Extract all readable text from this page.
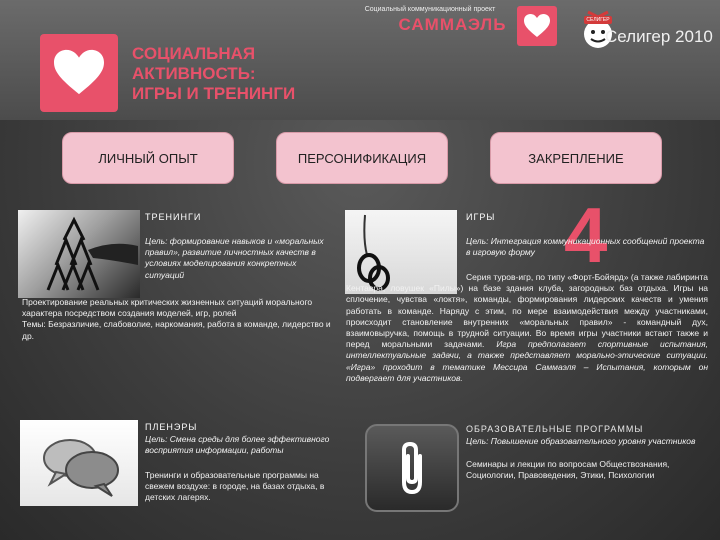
Социальный коммуникационный проект
САММАЭЛЬ	СЕЛИГЕР
Селигер 2010
СОЦИАЛЬНАЯ
АКТИВНОСТЬ:
ИГРЫ И ТРЕНИНГИ
ЛИЧНЫЙ ОПЫТ	ПЕРСОНИФИКАЦИЯ	ЗАКРЕПЛЕНИЕ
4
ТРЕНИНГИ
Цель: формирование навыков и «моральных правил», развитие личностных качеств в условиях моделирования конкретных ситуаций
Проектирование реальных критических жизненных ситуаций морального характера посредством создания моделей, игр, ролей
Темы: Безразличие, слабоволие, наркомания, работа в команде, лидерство и др.
ИГРЫ
Цель: Интеграция коммуникационных сообщений проекта в игровую форму
Серия туров-игр, по типу «Форт-Бойярд» (а также лабиринта Кентавра, ловушек «Пилы») на базе здания клуба, загородных баз отдыха. Игры на сплочение, чувства «локтя», команды, формирования лидерских качеств и умения работать в команде. Наряду с этим, по мере взаимодействия между участниками, происходит становление внутренних «моральных правил» - командный дух, взаимовыручка, помощь в трудной ситуации. Во время игры участники встают также и перед моральными задачами. Игра предполагает спортивные испытания, интеллектуальные задачи, а также представляет морально-этические ситуации. «Игра» проходит в тематике Мессира Саммаэля – Испытания, которым он подвергает для участников.
ПЛЕНЭРЫ
Цель: Смена среды для более эффективного восприятия информации, работы
Тренинги и образовательные программы на свежем воздухе: в городе, на базах отдыха, в детских лагерях.
ОБРАЗОВАТЕЛЬНЫЕ ПРОГРАММЫ
Цель: Повышение образовательного уровня участников
Семинары и лекции по вопросам Обществознания, Социологии, Правоведения, Этики, Психологии
